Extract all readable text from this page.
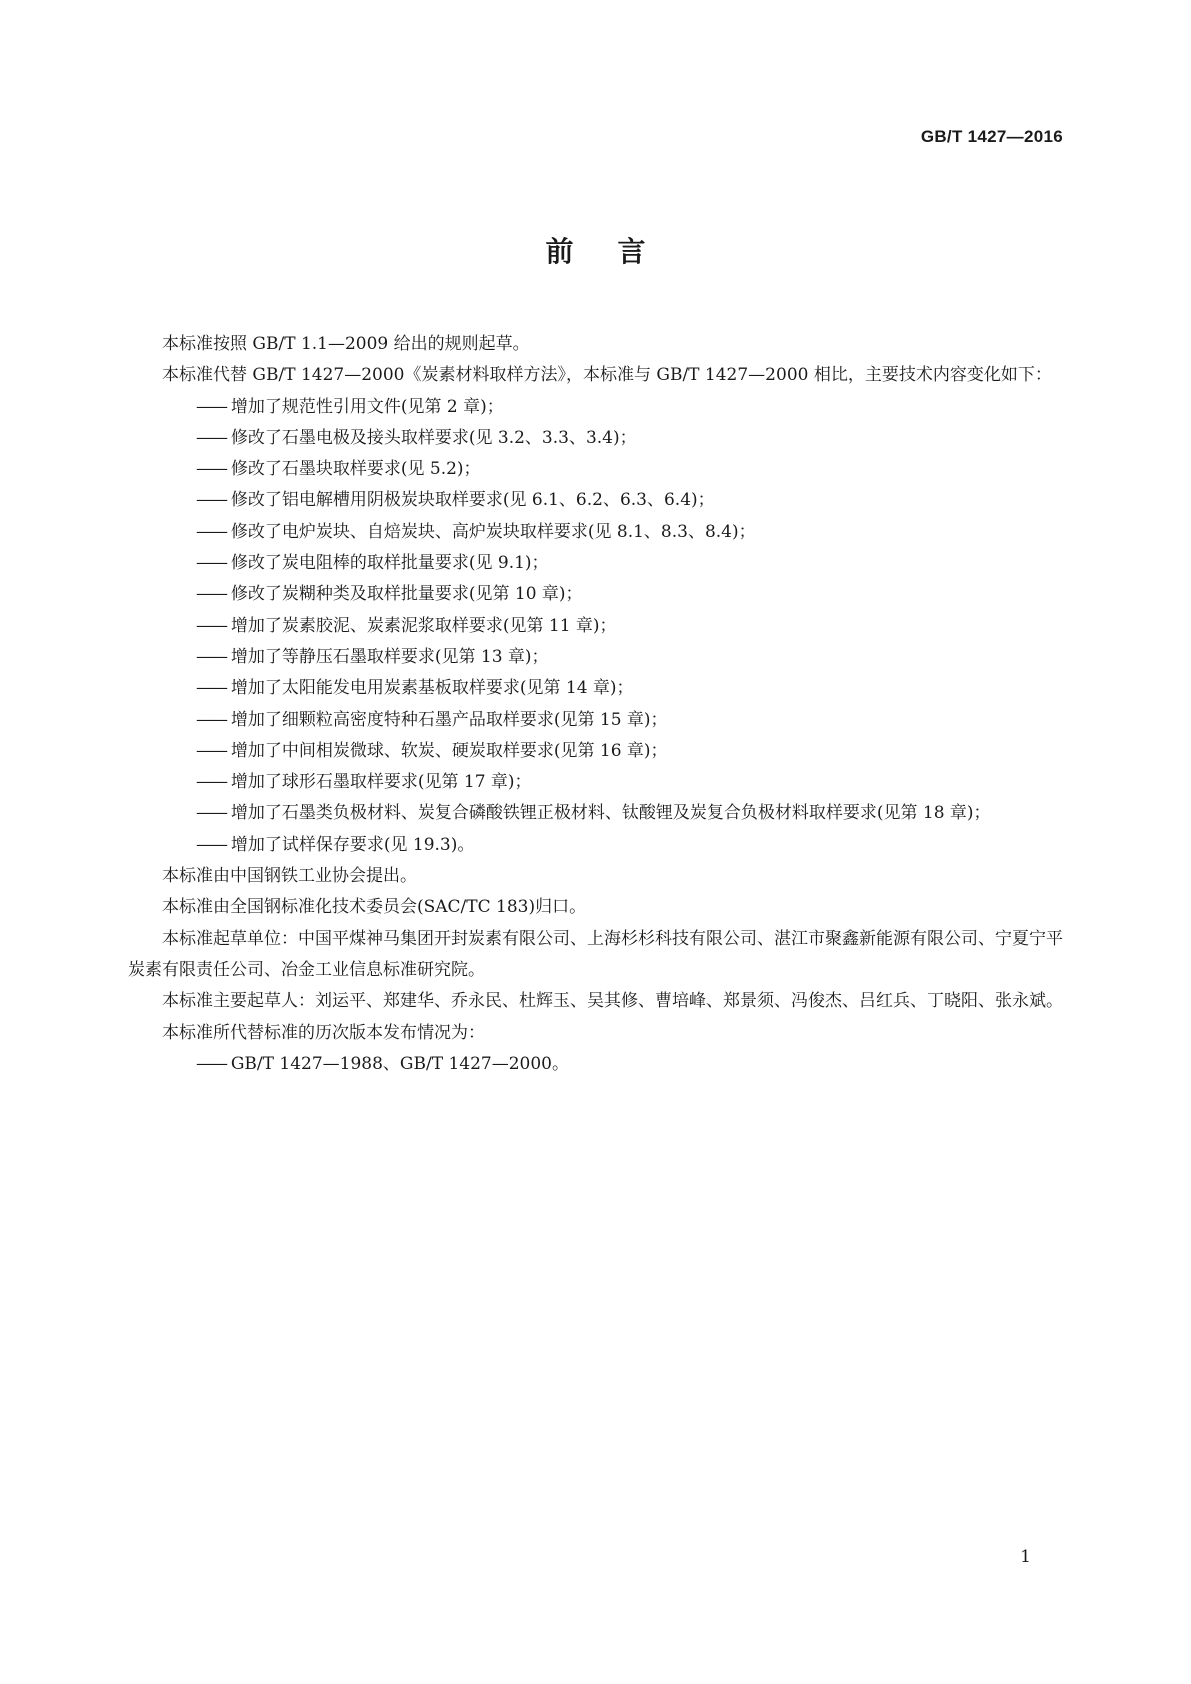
GB/T 1427—2016
前言

本标准按照 GB/T 1.1—2009 给出的规则起草。

本标准代替 GB/T 1427—2000《炭素材料取样方法》，本标准与 GB/T 1427—2000 相比，主要技术内容变化如下：

—— 增加了规范性引用文件(见第 2 章)；

—— 修改了石墨电极及接头取样要求(见 3.2、3.3、3.4)；

—— 修改了石墨块取样要求(见 5.2)；

—— 修改了铝电解槽用阴极炭块取样要求(见 6.1、6.2、6.3、6.4)；

—— 修改了电炉炭块、自焙炭块、高炉炭块取样要求(见 8.1、8.3、8.4)；

—— 修改了炭电阻棒的取样批量要求(见 9.1)；

—— 修改了炭糊种类及取样批量要求(见第 10 章)；

—— 增加了炭素胶泥、炭素泥浆取样要求(见第 11 章)；

—— 增加了等静压石墨取样要求(见第 13 章)；

—— 增加了太阳能发电用炭素基板取样要求(见第 14 章)；

—— 增加了细颗粒高密度特种石墨产品取样要求(见第 15 章)；

—— 增加了中间相炭微球、软炭、硬炭取样要求(见第 16 章)；

—— 增加了球形石墨取样要求(见第 17 章)；

—— 增加了石墨类负极材料、炭复合磷酸铁锂正极材料、钛酸锂及炭复合负极材料取样要求(见第 18 章)；

—— 增加了试样保存要求(见 19.3)。

本标准由中国钢铁工业协会提出。

本标准由全国钢标准化技术委员会(SAC/TC 183)归口。

本标准起草单位：中国平煤神马集团开封炭素有限公司、上海杉杉科技有限公司、湛江市聚鑫新能源有限公司、宁夏宁平炭素有限责任公司、冶金工业信息标准研究院。

本标准主要起草人：刘运平、郑建华、乔永民、杜辉玉、吴其修、曹培峰、郑景须、冯俊杰、吕红兵、丁晓阳、张永斌。

本标准所代替标准的历次版本发布情况为：

—— GB/T 1427—1988、GB/T 1427—2000。

1
